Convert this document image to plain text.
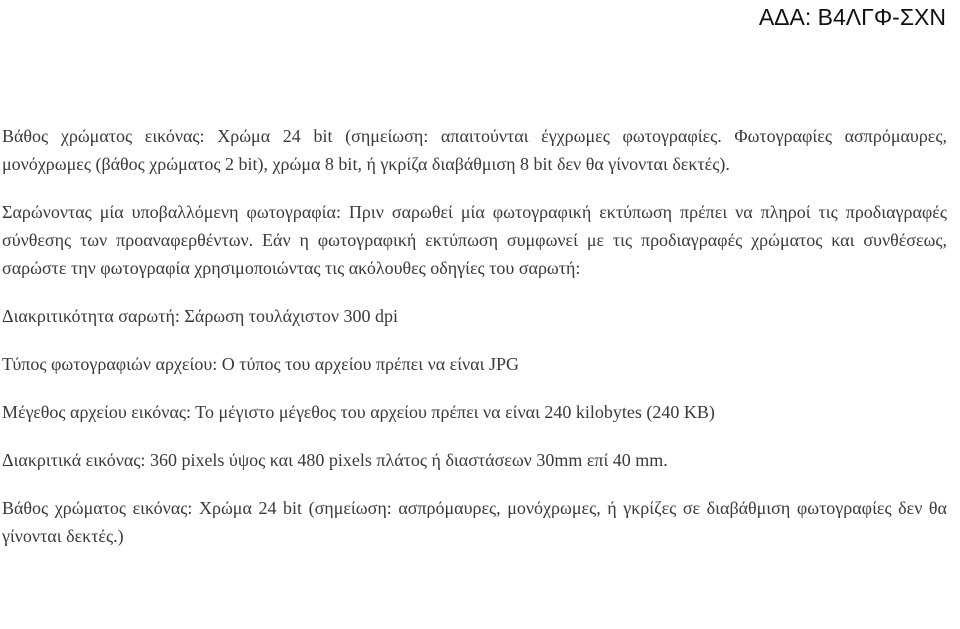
ΑΔΑ: Β4ΛΓΦ-ΣΧΝ

Βάθος χρώματος εικόνας: Χρώμα 24 bit (σημείωση: απαιτούνται έγχρωμες φωτογραφίες. Φωτογραφίες ασπρόμαυρες, μονόχρωμες (βάθος χρώματος 2 bit), χρώμα 8 bit, ή γκρίζα διαβάθμιση 8 bit δεν θα γίνονται δεκτές).

Σαρώνοντας μία υποβαλλόμενη φωτογραφία: Πριν σαρωθεί μία φωτογραφική εκτύπωση πρέπει να πληροί τις προδιαγραφές σύνθεσης των προαναφερθέντων. Εάν η φωτογραφική εκτύπωση συμφωνεί με τις προδιαγραφές χρώματος και συνθέσεως, σαρώστε την φωτογραφία χρησιμοποιώντας τις ακόλουθες οδηγίες του σαρωτή:

Διακριτικότητα σαρωτή: Σάρωση τουλάχιστον 300 dpi

Τύπος φωτογραφιών αρχείου: Ο τύπος του αρχείου πρέπει να είναι JPG

Μέγεθος αρχείου εικόνας: Το μέγιστο μέγεθος του αρχείου πρέπει να είναι 240 kilobytes (240 KB)

Διακριτικά εικόνας: 360 pixels ύψος και 480 pixels πλάτος ή διαστάσεων 30mm επί 40 mm.

Βάθος χρώματος εικόνας: Χρώμα 24 bit (σημείωση: ασπρόμαυρες, μονόχρωμες, ή γκρίζες σε διαβάθμιση φωτογραφίες δεν θα γίνονται δεκτές.)
